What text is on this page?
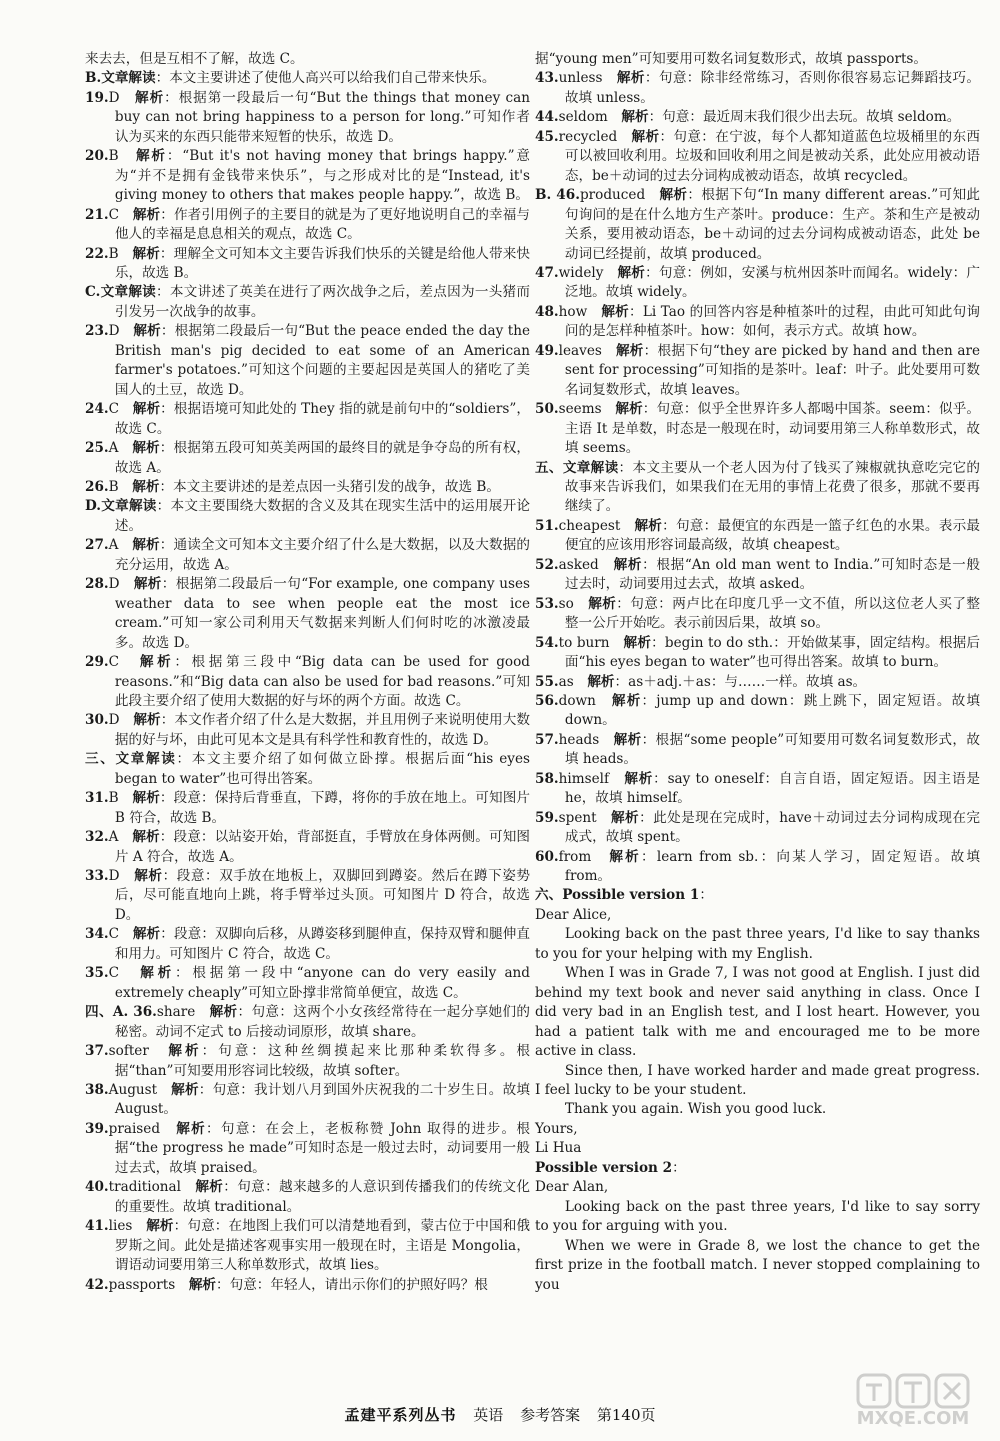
来去去，但是互相不了解，故选 C。

B.文章解读：本文主要讲述了使他人高兴可以给我们自己带来快乐。

19.D　解析：根据第一段最后一句“But the things that money can buy can not bring happiness to a person for long.”可知作者认为买来的东西只能带来短暂的快乐，故选 D。

20.B　解析：“But it's not having money that brings happy.”意为“并不是拥有金钱带来快乐”，与之形成对比的是“Instead, it's giving money to others that makes people happy.”，故选 B。

21.C　解析：作者引用例子的主要目的就是为了更好地说明自己的幸福与他人的幸福是息息相关的观点，故选 C。

22.B　解析：理解全文可知本文主要告诉我们快乐的关键是给他人带来快乐，故选 B。

C.文章解读：本文讲述了英美在进行了两次战争之后，差点因为一头猪而引发另一次战争的故事。

23.D　解析：根据第二段最后一句“But the peace ended the day the British man's pig decided to eat some of an American farmer's potatoes.”可知这个问题的主要起因是英国人的猪吃了美国人的土豆，故选 D。

24.C　解析：根据语境可知此处的 They 指的就是前句中的“soldiers”，故选 C。

25.A　解析：根据第五段可知英美两国的最终目的就是争夺岛的所有权，故选 A。

26.B　解析：本文主要讲述的是差点因一头猪引发的战争，故选 B。

D.文章解读：本文主要围绕大数据的含义及其在现实生活中的运用展开论述。

27.A　解析：通读全文可知本文主要介绍了什么是大数据，以及大数据的充分运用，故选 A。

28.D　解析：根据第二段最后一句“For example, one company uses weather data to see when people eat the most ice cream.”可知一家公司利用天气数据来判断人们何时吃的冰激凌最多。故选 D。

29.C　解析：根据第三段中“Big data can be used for good reasons.”和“Big data can also be used for bad reasons.”可知此段主要介绍了使用大数据的好与坏的两个方面。故选 C。

30.D　解析：本文作者介绍了什么是大数据，并且用例子来说明使用大数据的好与坏，由此可见本文是具有科学性和教育性的，故选 D。

三、文章解读：本文主要介绍了如何做立卧撑。根据后面“his eyes began to water”也可得出答案。

31.B　解析：段意：保持后背垂直，下蹲，将你的手放在地上。可知图片 B 符合，故选 B。

32.A　解析：段意：以站姿开始，背部挺直，手臂放在身体两侧。可知图片 A 符合，故选 A。

33.D　解析：段意：双手放在地板上，双脚回到蹲姿。然后在蹲下姿势后，尽可能直地向上跳，将手臂举过头顶。可知图片 D 符合，故选 D。

34.C　解析：段意：双脚向后移，从蹲姿移到腿伸直，保持双臂和腿伸直和用力。可知图片 C 符合，故选 C。

35.C　解析：根据第一段中“anyone can do very easily and extremely cheaply”可知立卧撑非常简单便宜，故选 C。

四、A. 36.share　解析：句意：这两个小女孩经常待在一起分享她们的秘密。动词不定式 to 后接动词原形，故填 share。

37.softer　解析：句意：这种丝绸摸起来比那种柔软得多。根据“than”可知要用形容词比较级，故填 softer。

38.August　解析：句意：我计划八月到国外庆祝我的二十岁生日。故填 August。

39.praised　解析：句意：在会上，老板称赞 John 取得的进步。根据“the progress he made”可知时态是一般过去时，动词要用一般过去式，故填 praised。

40.traditional　解析：句意：越来越多的人意识到传播我们的传统文化的重要性。故填 traditional。

41.lies　解析：句意：在地图上我们可以清楚地看到，蒙古位于中国和俄罗斯之间。此处是描述客观事实用一般现在时，主语是 Mongolia，谓语动词要用第三人称单数形式，故填 lies。

42.passports　解析：句意：年轻人，请出示你们的护照好吗？根

据“young men”可知要用可数名词复数形式，故填 passports。

43.unless　解析：句意：除非经常练习，否则你很容易忘记舞蹈技巧。故填 unless。

44.seldom　解析：句意：最近周末我们很少出去玩。故填 seldom。

45.recycled　解析：句意：在宁波，每个人都知道蓝色垃圾桶里的东西可以被回收利用。垃圾和回收利用之间是被动关系，此处应用被动语态，be＋动词的过去分词构成被动语态，故填 recycled。

B. 46.produced　解析：根据下句“In many different areas.”可知此句询问的是在什么地方生产茶叶。produce：生产。茶和生产是被动关系，要用被动语态，be＋动词的过去分词构成被动语态，此处 be 动词已经提前，故填 produced。

47.widely　解析：句意：例如，安溪与杭州因茶叶而闻名。widely：广泛地。故填 widely。

48.how　解析：Li Tao 的回答内容是种植茶叶的过程，由此可知此句询问的是怎样种植茶叶。how：如何，表示方式。故填 how。

49.leaves　解析：根据下句“they are picked by hand and then are sent for processing”可知指的是茶叶。leaf：叶子。此处要用可数名词复数形式，故填 leaves。

50.seems　解析：句意：似乎全世界许多人都喝中国茶。seem：似乎。主语 It 是单数，时态是一般现在时，动词要用第三人称单数形式，故填 seems。

五、文章解读：本文主要从一个老人因为付了钱买了辣椒就执意吃完它的故事来告诉我们，如果我们在无用的事情上花费了很多，那就不要再继续了。

51.cheapest　解析：句意：最便宜的东西是一篮子红色的水果。表示最便宜的应该用形容词最高级，故填 cheapest。

52.asked　解析：根据“An old man went to India.”可知时态是一般过去时，动词要用过去式，故填 asked。

53.so　解析：句意：两卢比在印度几乎一文不值，所以这位老人买了整整一公斤开始吃。表示前因后果，故填 so。

54.to burn　解析：begin to do sth.：开始做某事，固定结构。根据后面“his eyes began to water”也可得出答案。故填 to burn。

55.as　解析：as＋adj.＋as：与……一样。故填 as。

56.down　解析：jump up and down：跳上跳下，固定短语。故填 down。

57.heads　解析：根据“some people”可知要用可数名词复数形式，故填 heads。

58.himself　解析：say to oneself：自言自语，固定短语。因主语是 he，故填 himself。

59.spent　解析：此处是现在完成时，have＋动词过去分词构成现在完成式，故填 spent。

60.from　解析：learn from sb.：向某人学习，固定短语。故填 from。

六、Possible version 1：

Dear Alice,

Looking back on the past three years, I'd like to say thanks to you for your helping with my English.

When I was in Grade 7, I was not good at English. I just did behind my text book and never said anything in class. Once I did very bad in an English test, and I lost heart. However, you had a patient talk with me and encouraged me to be more active in class.

Since then, I have worked harder and made great progress. I feel lucky to be your student.

Thank you again. Wish you good luck.

Yours,

Li Hua

Possible version 2：

Dear Alan,

Looking back on the past three years, I'd like to say sorry to you for arguing with you.

When we were in Grade 8, we lost the chance to get the first prize in the football match. I never stopped complaining to you

孟建平系列丛书 英语 参考答案 第140页	MXQE.COM
